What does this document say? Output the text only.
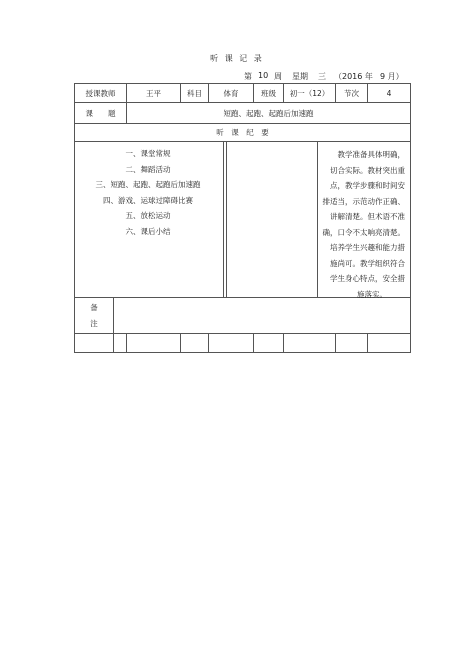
听 课 记 录
第 10 周 星期 三 （2016 年 9 月）
授课教师	王平	科目	体育	班级	初一（12）	节次	4
课　　题	短跑、起跑、起跑后加速跑
听　课　纪　要
一、课堂常规
二、舞蹈活动
三、短跑、起跑、起跑后加速跑
四、游戏、运球过障碍比赛
五、放松运动
六、课后小结
教学准备具体明确，
切合实际。教材突出重
点，教学步骤和时间安
排适当，示范动作正确、
讲解清楚。但术语不准
确，口令不太响亮清楚。
培养学生兴趣和能力措
施尚可。教学组织符合
学生身心特点，安全措
施落实。
备
注
